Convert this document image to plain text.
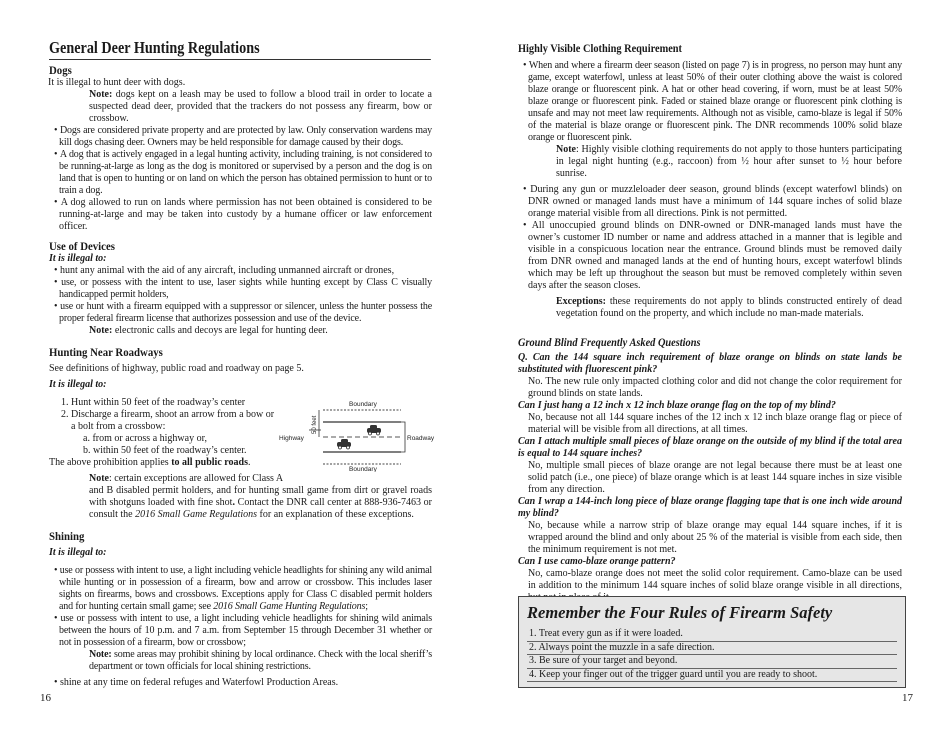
General Deer Hunting Regulations
Dogs

It is illegal to hunt deer with dogs.

Note: dogs kept on a leash may be used to follow a blood trail in order to locate a suspected dead deer, provided that the trackers do not possess any firearm, bow or crossbow.

• Dogs are considered private property and are protected by law. Only conservation wardens may kill dogs chasing deer. Owners may be held responsible for damage caused by their dogs.

• A dog that is actively engaged in a legal hunting activity, including training, is not considered to be running-at-large as long as the dog is monitored or supervised by a person and the dog is on land that is open to hunting or on land on which the person has obtained permission to hunt or to train a dog.

• A dog allowed to run on lands where permission has not been obtained is considered to be running-at-large and may be taken into custody by a humane officer or law enforcement officer.

Use of Devices
It is illegal to:

• hunt any animal with the aid of any aircraft, including unmanned aircraft or drones,

• use, or possess with the intent to use, laser sights while hunting except by Class C visually handicapped permit holders,

• use or hunt with a firearm equipped with a suppressor or silencer, unless the hunter possess the proper federal firearm license that authorizes possession and use of the device.

Note: electronic calls and decoys are legal for hunting deer.

Hunting Near Roadways

See definitions of highway, public road and roadway on page 5.

It is illegal to:
1. Hunt within 50 feet of the roadway’s center
2. Discharge a firearm, shoot an arrow from a bow or
a bolt from a crossbow:
a. from or across a highway or,
b. within 50 feet of the roadway’s center.
The above prohibition applies to all public roads.
Note: certain exceptions are allowed for Class A

and B disabled permit holders, and for hunting small game from dirt or gravel roads with shotguns loaded with fine shot. Contact the DNR call center at 888-936-7463 or consult the 2016 Small Game Regulations for an explanation of these exceptions.

Boundary
Boundary
50 feet
Highway	Roadway
Shining
It is illegal to:

• use or possess with intent to use, a light including vehicle headlights for shining any wild animal while hunting or in possession of a firearm, bow and arrow or crossbow. This includes laser sights on firearms, bows and crossbows. Exceptions apply for Class C disabled permit holders and for hunting certain small game; see 2016 Small Game Hunting Regulations;

• use or possess with intent to use, a light including vehicle headlights for shining wild animals between the hours of 10 p.m. and 7 a.m. from September 15 through December 31 whether or not in possession of a firearm, bow or crossbow;

Note: some areas may prohibit shining by local ordinance. Check with the local sheriff’s department or town officials for local shining restrictions.

• shine at any time on federal refuges and Waterfowl Production Areas.

16
Highly Visible Clothing Requirement

• When and where a firearm deer season (listed on page 7) is in progress, no person may hunt any game, except waterfowl, unless at least 50% of their outer clothing above the waist is colored blaze orange or fluorescent pink. A hat or other head covering, if worn, must be at least 50% blaze orange or fluorescent pink. Faded or stained blaze orange or fluorescent pink clothing is unsafe and may not meet law requirements. Although not as visible, camo-blaze is legal if 50% of the material is blaze orange or fluorescent pink. The DNR recommends 100% solid blaze orange or fluorescent pink.

Note: Highly visible clothing requirements do not apply to those hunters participating in legal night hunting (e.g., raccoon) from ½ hour after sunset to ½ hour before sunrise.

• During any gun or muzzleloader deer season, ground blinds (except waterfowl blinds) on DNR owned or managed lands must have a minimum of 144 square inches of solid blaze orange material visible from all directions. Pink is not permitted.

• All unoccupied ground blinds on DNR-owned or DNR-managed lands must have the owner’s customer ID number or name and address attached in a manner that is legible and visible in a conspicuous location near the entrance. Ground blinds must be removed daily from DNR owned and managed lands at the end of hunting hours, except waterfowl blinds which may be left up throughout the season but must be removed completely within seven days after the season closes.

Exceptions: these requirements do not apply to blinds constructed entirely of dead vegetation found on the property, and which include no man-made materials.

Ground Blind Frequently Asked Questions

Q. Can the 144 square inch requirement of blaze orange on blinds on state lands be substituted with fluorescent pink?

No. The new rule only impacted clothing color and did not change the color requirement for ground blinds on state lands.

Can I just hang a 12 inch x 12 inch blaze orange flag on the top of my blind?

No, because not all 144 square inches of the 12 inch x 12 inch blaze orange flag or piece of material will be visible from all directions, at all times.

Can I attach multiple small pieces of blaze orange on the outside of my blind if the total area is equal to 144 square inches?

No, multiple small pieces of blaze orange are not legal because there must be at least one solid patch (i.e., one piece) of blaze orange which is at least 144 square inches in size visible from any direction.

Can I wrap a 144-inch long piece of blaze orange flagging tape that is one inch wide around my blind?

No, because while a narrow strip of blaze orange may equal 144 square inches, if it is wrapped around the blind and only about 25 % of the material is visible from each side, then the minimum requirement is not met.

Can I use camo-blaze orange pattern?

No, camo-blaze orange does not meet the solid color requirement. Camo-blaze can be used in addition to the minimum 144 square inches of solid blaze orange visible in all directions,

Remember the Four Rules of Firearm Safety
1. Treat every gun as if it were loaded.
2. Always point the muzzle in a safe direction.
3. Be sure of your target and beyond.
4. Keep your finger out of the trigger guard until you are ready to shoot.
17
